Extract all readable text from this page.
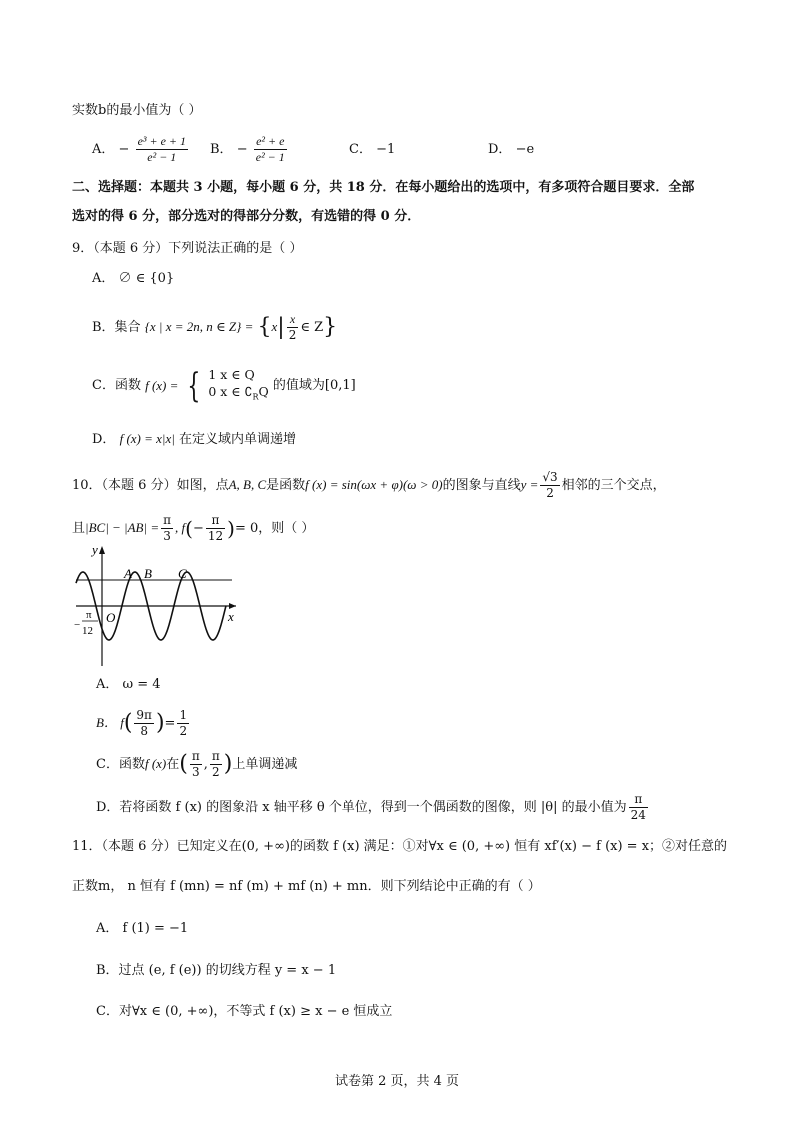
实数b的最小值为（ ）
A． − $\frac{\text{e³ + e + 1}}{\text{e² − 1}}$ B． − $\frac{\text{e² + e}}{\text{e² − 1}}$	C． −1	D． −e
二、选择题：本题共 3 小题，每小题 6 分，共 18 分．在每小题给出的选项中，有多项符合题目要求．全部
选对的得 6 分，部分选对的得部分分数，有选错的得 0 分．
9．（本题 6 分）下列说法正确的是（ ）
A． ∅ ∈ {0}
B．集合 {x | x = 2n, n ∈ $Z\} = \{x| \frac{x}{2}$ ∈ Z}
C．函数 f (x) = { 1 x ∈ Q
0 x ∈ $∁_RQ$ 的值域为[0,1]
D． f (x) = x|x| 在定义域内单调递增
10．（本题 6 分）如图，点A, B, C是函数f (x) = sin(ωx + φ)(ω > 0)的图象与直线$y = \frac{√3}{2}$ 相邻的三个交点，
且$|BC| - |AB| = \frac{\pi}{3}$ , $f(- \frac{\pi}{12}$ )= 0，则（ ）
y
x
O
A B C
π
− 12
A． ω = 4
B． $f( \frac{9\pi}{8}$ )= $\frac{1}{2}$
C．函数f (x)在( $\frac{\pi}{3}$ , $\frac{\pi}{2}$ )上单调递减
D．若将函数 f (x) 的图象沿 x 轴平移 θ 个单位，得到一个偶函数的图像，则 |θ| 的最小值为 $\frac{\pi}{24}$
11．（本题 6 分）已知定义在(0, +∞)的函数 f (x) 满足：①对∀x ∈ (0, +∞) 恒有 xf′(x) − f (x) = x；②对任意的
正数m， n 恒有 f (mn) = nf (m) + mf (n) + mn．则下列结论中正确的有（ ）
A． f (1) = −1
B．过点 (e, f (e)) 的切线方程 y = x − 1
C．对∀x ∈ (0, +∞)，不等式 f (x) ≥ x − e 恒成立
试卷第 2 页，共 4 页
